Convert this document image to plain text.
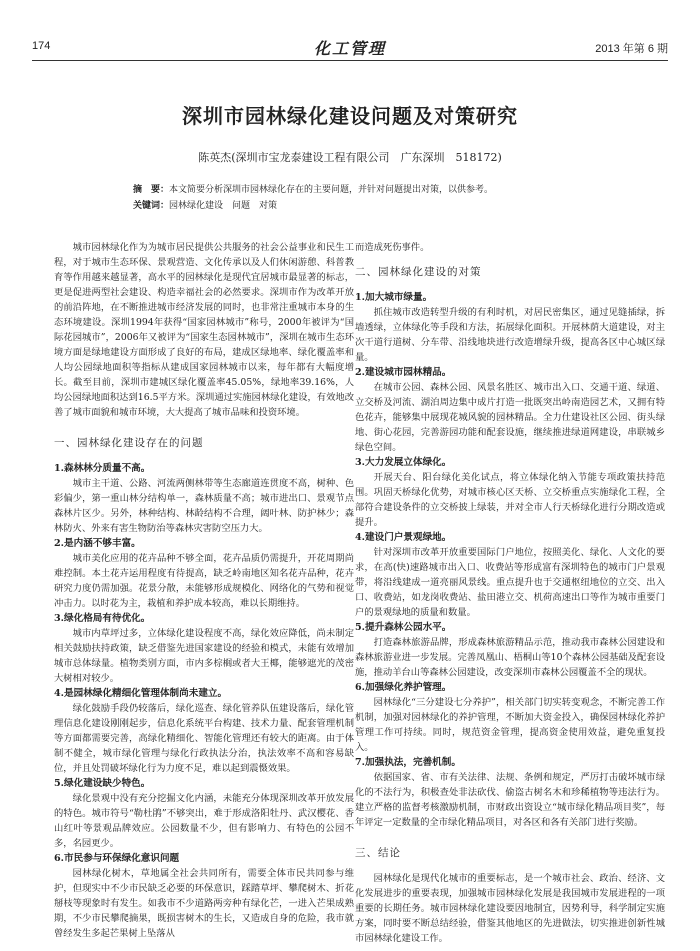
174	化工管理	2013 年第 6 期
深圳市园林绿化建设问题及对策研究
陈英杰(深圳市宝龙泰建设工程有限公司　广东深圳　518172)
摘　要：本文简要分析深圳市园林绿化存在的主要问题，并针对问题提出对策，以供参考。
关键词：园林绿化建设　问题　对策

城市园林绿化作为为城市居民提供公共服务的社会公益事业和民生工程，对于城市生态环保、景观营造、文化传承以及人们休闲游憩、科普教育等作用越来越显著，高水平的园林绿化是现代宜居城市最显著的标志，更是促进两型社会建设、构造幸福社会的必然要求。深圳市作为改革开放的前沿阵地，在不断推进城市经济发展的同时，也非常注重城市本身的生态环境建设。深圳1994年获得“国家园林城市”称号，2000年被评为“国际花园城市”，2006年又被评为“国家生态园林城市”，深圳在城市生态环境方面是绿地建设方面形成了良好的布局，建成区绿地率、绿化覆盖率和人均公园绿地面积等指标从建成国家园林城市以来，每年都有大幅度增长。截至目前，深圳市建城区绿化覆盖率45.05%，绿地率39.16%，人均公园绿地面积达到16.5平方米。深圳通过实施园林绿化建设，有效地改善了城市面貌和城市环境，大大提高了城市品味和投资环境。

一、园林绿化建设存在的问题
1.森林林分质量不高。

城市主干道、公路、河流两侧林带等生态廊道连贯度不高，树种、色彩偏少，第一重山林分结构单一，森林质量不高；城市进出口、景观节点森林片区少。另外，林种结构、林龄结构不合理，阔叶林、防护林少；森林防火、外来有害生物防治等森林灾害防空压力大。

2.是内涵不够丰富。

城市美化应用的花卉品种不够全面，花卉品质仍需提升，开花周期尚难控制。本土花卉运用程度有待提高，缺乏岭南地区知名花卉品种，花卉研究力度仍需加强。花景分散，未能够形成规模化、网络化的气势和视觉冲击力。以时花为主，栽植和养护成本较高，难以长期维持。

3.绿化格局有待优化。

城市内草坪过多，立体绿化建设程度不高，绿化效应降低，尚未制定相关鼓励扶持政策，缺乏借鉴先进国家建设的经验和模式，未能有效增加城市总体绿量。植物类别方面，市内多棕榈或者大王椰，能够遮光的茂密大树相对较少。

4.是园林绿化精细化管理体制尚未建立。

绿化鼓励手段仍较落后，绿化巡查、绿化管养队伍建设落后，绿化管理信息化建设刚刚起步，信息化系统平台构建、技术力量、配套管理机制等方面都需要完善，高绿化精细化、智能化管理还有较大的距离。由于体制不健全，城市绿化管理与绿化行政执法分治，执法效率不高和容易缺位，并且处罚破坏绿化行为力度不足，难以起到震慑效果。

5.绿化建设缺少特色。

绿化景观中没有充分挖掘文化内涵，未能充分体现深圳改革开放发展的特色。城市符号“勒杜鹃”不够突出，难于形成洛阳牡丹、武汉樱花、香山红叶等景观品牌效应。公园数量不少，但有影响力、有特色的公园不多，名园更少。

6.市民参与环保绿化意识问题

园林绿化树木，草地属全社会共同所有，需要全体市民共同参与维护，但现实中不少市民缺乏必要的环保意识，踩踏草坪、攀爬树木、折花掰枝等现象时有发生。如我市不少道路两旁种有绿化芒，一进入芒果成熟期，不少市民攀爬摘果，既损害树木的生长，又造成自身的危险，我市就曾经发生多起芒果树上坠落从

而造成死伤事件。

二、园林绿化建设的对策
1.加大城市绿量。

抓住城市改造转型升级的有利时机，对居民密集区，通过见缝插绿，拆墙透绿，立体绿化等手段和方法，拓展绿化面积。开展林荫大道建设，对主次干道行道树、分车带、沿线地块进行改造增绿升级，提高各区中心城区绿量。

2.建设城市园林精品。

在城市公园、森林公园、风景名胜区、城市出入口、交通干道、绿道、立交桥及河流、湖泊周边集中成片打造一批既突出岭南造园艺术，又拥有特色花卉，能够集中展现花城风貌的园林精品。全力仕建设社区公园、街头绿地、街心花园，完善游园功能和配套设施，继续推进绿道网建设，串联城乡绿色空间。

3.大力发展立体绿化。

开展天台、阳台绿化美化试点，将立体绿化纳入节能专项政策扶持范围。巩固天桥绿化优势，对城市核心区天桥、立交桥重点实施绿化工程，全部符合建设条件的立交桥披上绿装，并对全市人行天桥绿化进行分期改造或提升。

4.建设门户景观绿地。

针对深圳市改革开放重要国际门户地位，按照美化、绿化、人文化的要求，在高(快)速路城市出入口、收费站等形成富有深圳特色的城市门户景观带，将沿线建成一道亮丽风景线。重点提升也于交通枢纽地位的立交、出入口、收费站，如龙岗收费站、盐田港立交、机荷高速出口等作为城市重要门户的景观绿地的质量和数量。

5.提升森林公园水平。

打造森林旅游品牌，形成森林旅游精品示范，推动我市森林公园建设和森林旅游业进一步发展。完善凤凰山、梧桐山等10个森林公园基础及配套设施，推动羊台山等森林公园建设，改变深圳市森林公园覆盖不全的现状。

6.加强绿化养护管理。

园林绿化“三分建设七分养护”，相关部门切实转变观念，不断完善工作机制，加强对园林绿化的养护管理，不断加大资金投入，确保园林绿化养护管理工作可持续。同时，规范资金管理，提高资金使用效益，避免重复投入。

7.加强执法，完善机制。

依据国家、省、市有关法律、法规、条例和规定，严厉打击破坏城市绿化的不法行为，积极查处非法砍伐、偷盗古树名木和珍稀植物等违法行为。建立严格的监督考核激励机制，市财政出资设立“城市绿化精品项目奖”，每年评定一定数量的全市绿化精品项目，对各区和各有关部门进行奖励。

三、结论

园林绿化是现代化城市的重要标志，是一个城市社会、政治、经济、文化发展进步的重要表现，加强城市园林绿化发展是我国城市发展进程的一项重要的长期任务。城市园林绿化建设要因地制宜，因势利导，科学制定实施方案，同时要不断总结经验，借鉴其他地区的先进做法，切实推进创新性城市园林绿化建设工作。
